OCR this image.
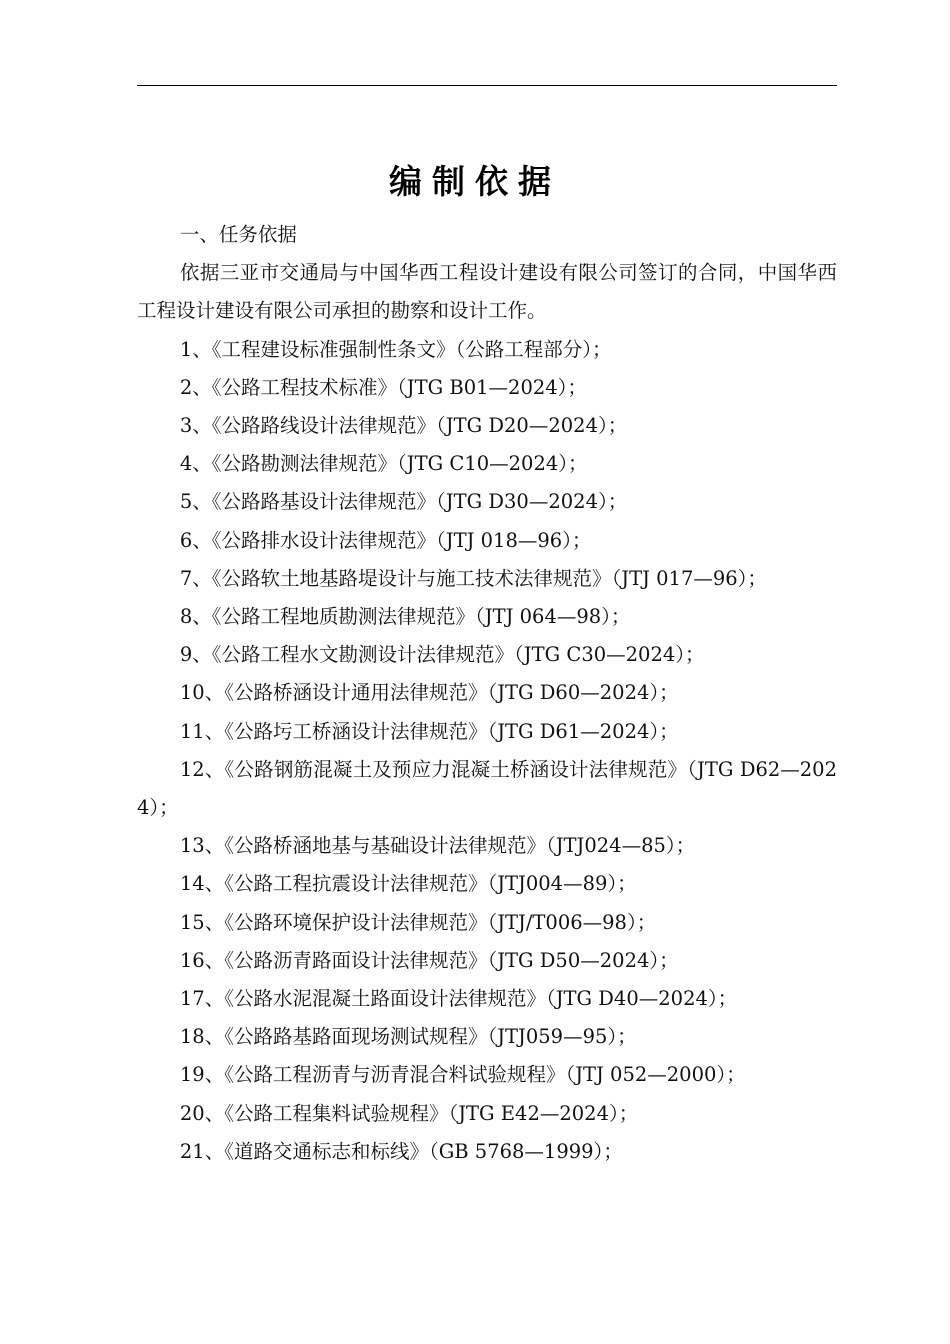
编制依据

一、任务依据

依据三亚市交通局与中国华西工程设计建设有限公司签订的合同，中国华西工程设计建设有限公司承担的勘察和设计工作。

1、《工程建设标准强制性条文》（公路工程部分）；

2、《公路工程技术标准》（JTG B01—2024）；

3、《公路路线设计法律规范》（JTG D20—2024）；

4、《公路勘测法律规范》（JTG C10—2024）；

5、《公路路基设计法律规范》（JTG D30—2024）；

6、《公路排水设计法律规范》（JTJ 018—96）；

7、《公路软土地基路堤设计与施工技术法律规范》（JTJ 017—96）；

8、《公路工程地质勘测法律规范》（JTJ 064—98）；

9、《公路工程水文勘测设计法律规范》（JTG C30—2024）；

10、《公路桥涵设计通用法律规范》（JTG D60—2024）；

11、《公路圬工桥涵设计法律规范》（JTG D61—2024）；

12、《公路钢筋混凝土及预应力混凝土桥涵设计法律规范》（JTG D62—2024）；

13、《公路桥涵地基与基础设计法律规范》（JTJ024—85）；

14、《公路工程抗震设计法律规范》（JTJ004—89）；

15、《公路环境保护设计法律规范》（JTJ/T006—98）；

16、《公路沥青路面设计法律规范》（JTG D50—2024）；

17、《公路水泥混凝土路面设计法律规范》（JTG D40—2024）；

18、《公路路基路面现场测试规程》（JTJ059—95）；

19、《公路工程沥青与沥青混合料试验规程》（JTJ 052—2000）；

20、《公路工程集料试验规程》（JTG E42—2024）；

21、《道路交通标志和标线》（GB 5768—1999）；
